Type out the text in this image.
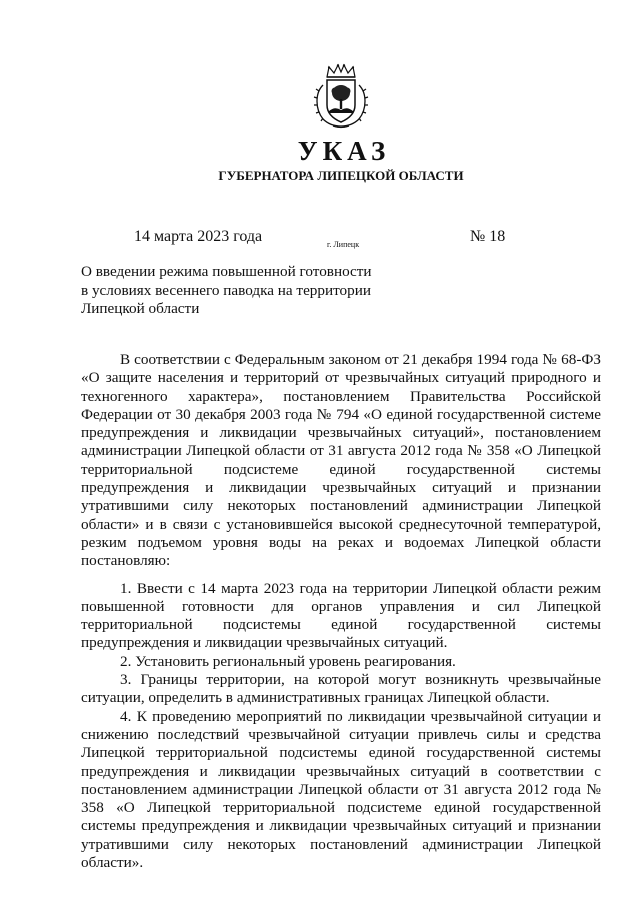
УКАЗ
ГУБЕРНАТОРА ЛИПЕЦКОЙ ОБЛАСТИ
14 марта 2023 года	г. Липецк	№ 18
О введении режима повышенной готовности
в условиях весеннего паводка на территории
Липецкой области

В соответствии с Федеральным законом от 21 декабря 1994 года № 68-ФЗ «О защите населения и территорий от чрезвычайных ситуаций природного и техногенного характера», постановлением Правительства Российской Федерации от 30 декабря 2003 года № 794 «О единой государственной системе предупреждения и ликвидации чрезвычайных ситуаций», постановлением администрации Липецкой области от 31 августа 2012 года № 358 «О Липецкой территориальной подсистеме единой государственной системы предупреждения и ликвидации чрезвычайных ситуаций и признании утратившими силу некоторых постановлений администрации Липецкой области» и в связи с установившейся высокой среднесуточной температурой, резким подъемом уровня воды на реках и водоемах Липецкой области постановляю:

1. Ввести с 14 марта 2023 года на территории Липецкой области режим повышенной готовности для органов управления и сил Липецкой территориальной подсистемы единой государственной системы предупреждения и ликвидации чрезвычайных ситуаций.

2. Установить региональный уровень реагирования.

3. Границы территории, на которой могут возникнуть чрезвычайные ситуации, определить в административных границах Липецкой области.

4. К проведению мероприятий по ликвидации чрезвычайной ситуации и снижению последствий чрезвычайной ситуации привлечь силы и средства Липецкой территориальной подсистемы единой государственной системы предупреждения и ликвидации чрезвычайных ситуаций в соответствии с постановлением администрации Липецкой области от 31 августа 2012 года № 358 «О Липецкой территориальной подсистеме единой государственной системы предупреждения и ликвидации чрезвычайных ситуаций и признании утратившими силу некоторых постановлений администрации Липецкой области».
